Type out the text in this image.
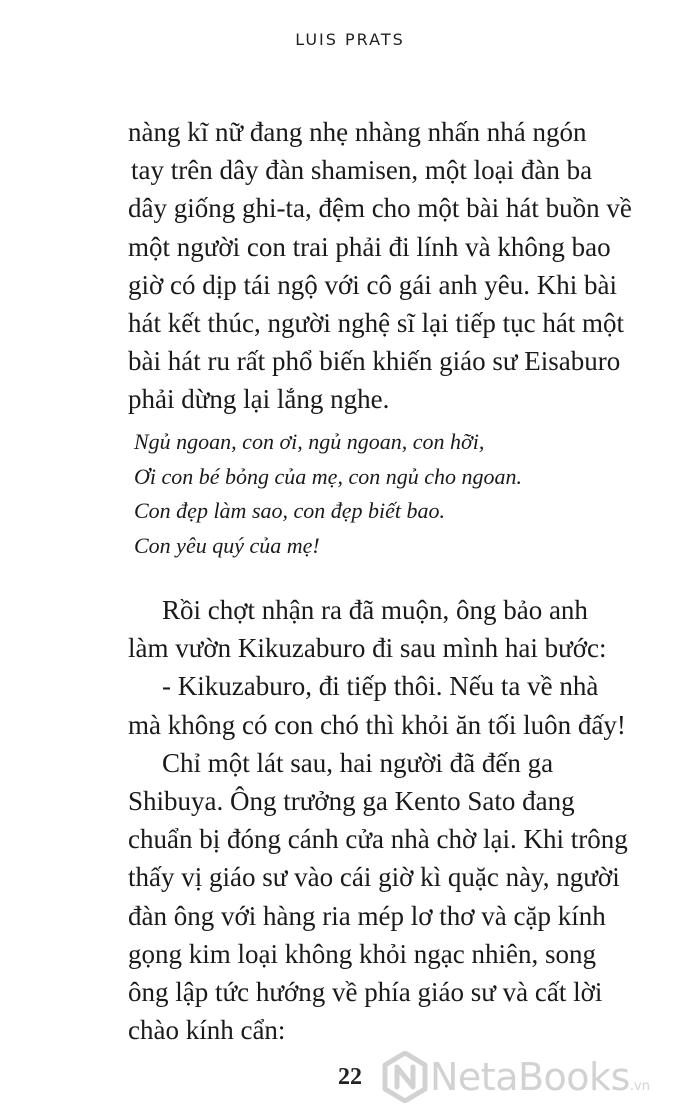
LUIS PRATS
nàng kĩ nữ đang nhẹ nhàng nhấn nhá ngón
tay trên dây đàn shamisen, một loại đàn ba
dây giống ghi-ta, đệm cho một bài hát buồn về
một người con trai phải đi lính và không bao
giờ có dịp tái ngộ với cô gái anh yêu. Khi bài
hát kết thúc, người nghệ sĩ lại tiếp tục hát một
bài hát ru rất phổ biến khiến giáo sư Eisaburo
phải dừng lại lắng nghe.
Ngủ ngoan, con ơi, ngủ ngoan, con hỡi,
Ơi con bé bỏng của mẹ, con ngủ cho ngoan.
Con đẹp làm sao, con đẹp biết bao.
Con yêu quý của mẹ!
Rồi chợt nhận ra đã muộn, ông bảo anh
làm vườn Kikuzaburo đi sau mình hai bước:
- Kikuzaburo, đi tiếp thôi. Nếu ta về nhà
mà không có con chó thì khỏi ăn tối luôn đấy!
Chỉ một lát sau, hai người đã đến ga
Shibuya. Ông trưởng ga Kento Sato đang
chuẩn bị đóng cánh cửa nhà chờ lại. Khi trông
thấy vị giáo sư vào cái giờ kì quặc này, người
đàn ông với hàng ria mép lơ thơ và cặp kính
gọng kim loại không khỏi ngạc nhiên, song
ông lập tức hướng về phía giáo sư và cất lời
chào kính cẩn:
22	NetaBooks .vn
